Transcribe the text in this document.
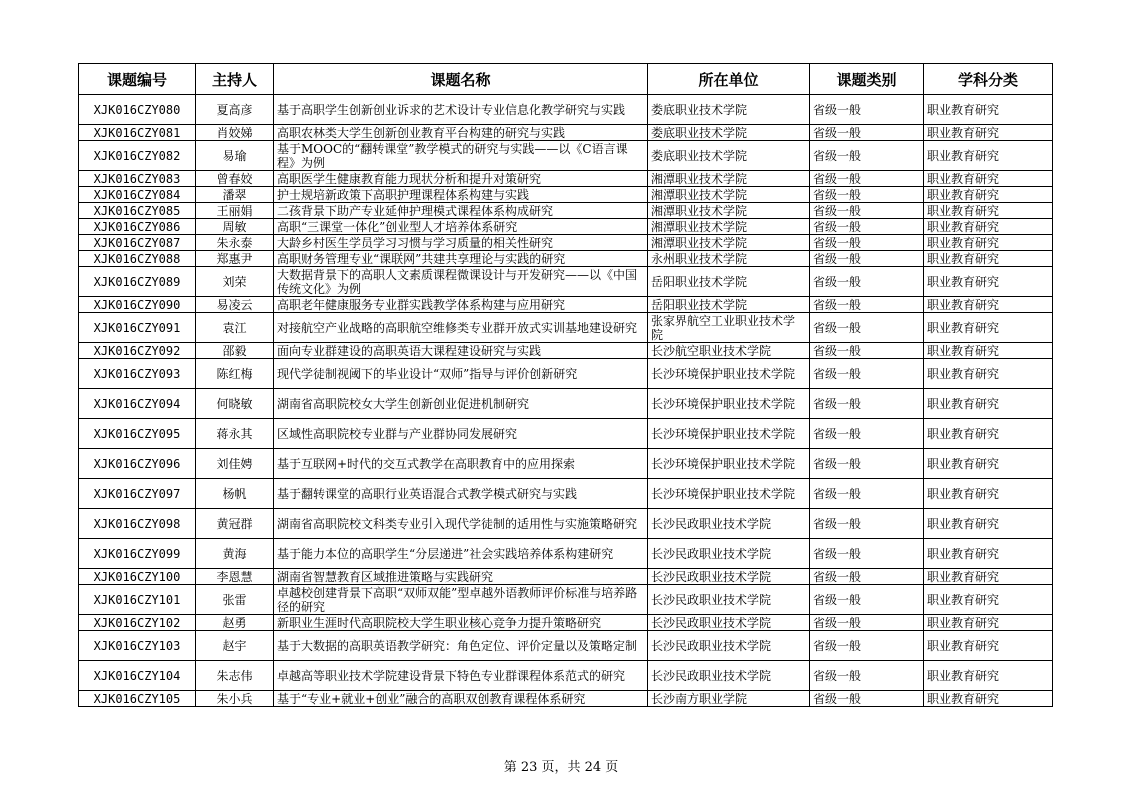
课题编号	主持人	课题名称	所在单位	课题类别	学科分类
XJK016CZY080	夏高彦	基于高职学生创新创业诉求的艺术设计专业信息化教学研究与实践	娄底职业技术学院	省级一般	职业教育研究
XJK016CZY081	肖姣娣	高职农林类大学生创新创业教育平台构建的研究与实践	娄底职业技术学院	省级一般	职业教育研究
XJK016CZY082	易瑜	基于MOOC的“翻转课堂”教学模式的研究与实践——以《C语言课程》为例	娄底职业技术学院	省级一般	职业教育研究
XJK016CZY083	曾春姣	高职医学生健康教育能力现状分析和提升对策研究	湘潭职业技术学院	省级一般	职业教育研究
XJK016CZY084	潘翠	护士规培新政策下高职护理课程体系构建与实践	湘潭职业技术学院	省级一般	职业教育研究
XJK016CZY085	王丽娟	二孩背景下助产专业延伸护理模式课程体系构成研究	湘潭职业技术学院	省级一般	职业教育研究
XJK016CZY086	周敏	高职“三课堂一体化”创业型人才培养体系研究	湘潭职业技术学院	省级一般	职业教育研究
XJK016CZY087	朱永泰	大龄乡村医生学员学习习惯与学习质量的相关性研究	湘潭职业技术学院	省级一般	职业教育研究
XJK016CZY088	郑惠尹	高职财务管理专业“课联网”共建共享理论与实践的研究	永州职业技术学院	省级一般	职业教育研究
XJK016CZY089	刘荣	大数据背景下的高职人文素质课程微课设计与开发研究——以《中国传统文化》为例	岳阳职业技术学院	省级一般	职业教育研究
XJK016CZY090	易凌云	高职老年健康服务专业群实践教学体系构建与应用研究	岳阳职业技术学院	省级一般	职业教育研究
XJK016CZY091	袁江	对接航空产业战略的高职航空维修类专业群开放式实训基地建设研究	张家界航空工业职业技术学院	省级一般	职业教育研究
XJK016CZY092	邵毅	面向专业群建设的高职英语大课程建设研究与实践	长沙航空职业技术学院	省级一般	职业教育研究
XJK016CZY093	陈红梅	现代学徒制视阈下的毕业设计“双师”指导与评价创新研究	长沙环境保护职业技术学院	省级一般	职业教育研究
XJK016CZY094	何晓敏	湖南省高职院校女大学生创新创业促进机制研究	长沙环境保护职业技术学院	省级一般	职业教育研究
XJK016CZY095	蒋永其	区域性高职院校专业群与产业群协同发展研究	长沙环境保护职业技术学院	省级一般	职业教育研究
XJK016CZY096	刘佳娉	基于互联网+时代的交互式教学在高职教育中的应用探索	长沙环境保护职业技术学院	省级一般	职业教育研究
XJK016CZY097	杨帆	基于翻转课堂的高职行业英语混合式教学模式研究与实践	长沙环境保护职业技术学院	省级一般	职业教育研究
XJK016CZY098	黄冠群	湖南省高职院校文科类专业引入现代学徒制的适用性与实施策略研究	长沙民政职业技术学院	省级一般	职业教育研究
XJK016CZY099	黄海	基于能力本位的高职学生“分层递进”社会实践培养体系构建研究	长沙民政职业技术学院	省级一般	职业教育研究
XJK016CZY100	李恩慧	湖南省智慧教育区域推进策略与实践研究	长沙民政职业技术学院	省级一般	职业教育研究
XJK016CZY101	张雷	卓越校创建背景下高职“双师双能”型卓越外语教师评价标准与培养路径的研究	长沙民政职业技术学院	省级一般	职业教育研究
XJK016CZY102	赵勇	新职业生涯时代高职院校大学生职业核心竞争力提升策略研究	长沙民政职业技术学院	省级一般	职业教育研究
XJK016CZY103	赵宇	基于大数据的高职英语教学研究：角色定位、评价定量以及策略定制	长沙民政职业技术学院	省级一般	职业教育研究
XJK016CZY104	朱志伟	卓越高等职业技术学院建设背景下特色专业群课程体系范式的研究	长沙民政职业技术学院	省级一般	职业教育研究
XJK016CZY105	朱小兵	基于“专业+就业+创业”融合的高职双创教育课程体系研究	长沙南方职业学院	省级一般	职业教育研究
第 23 页，共 24 页
